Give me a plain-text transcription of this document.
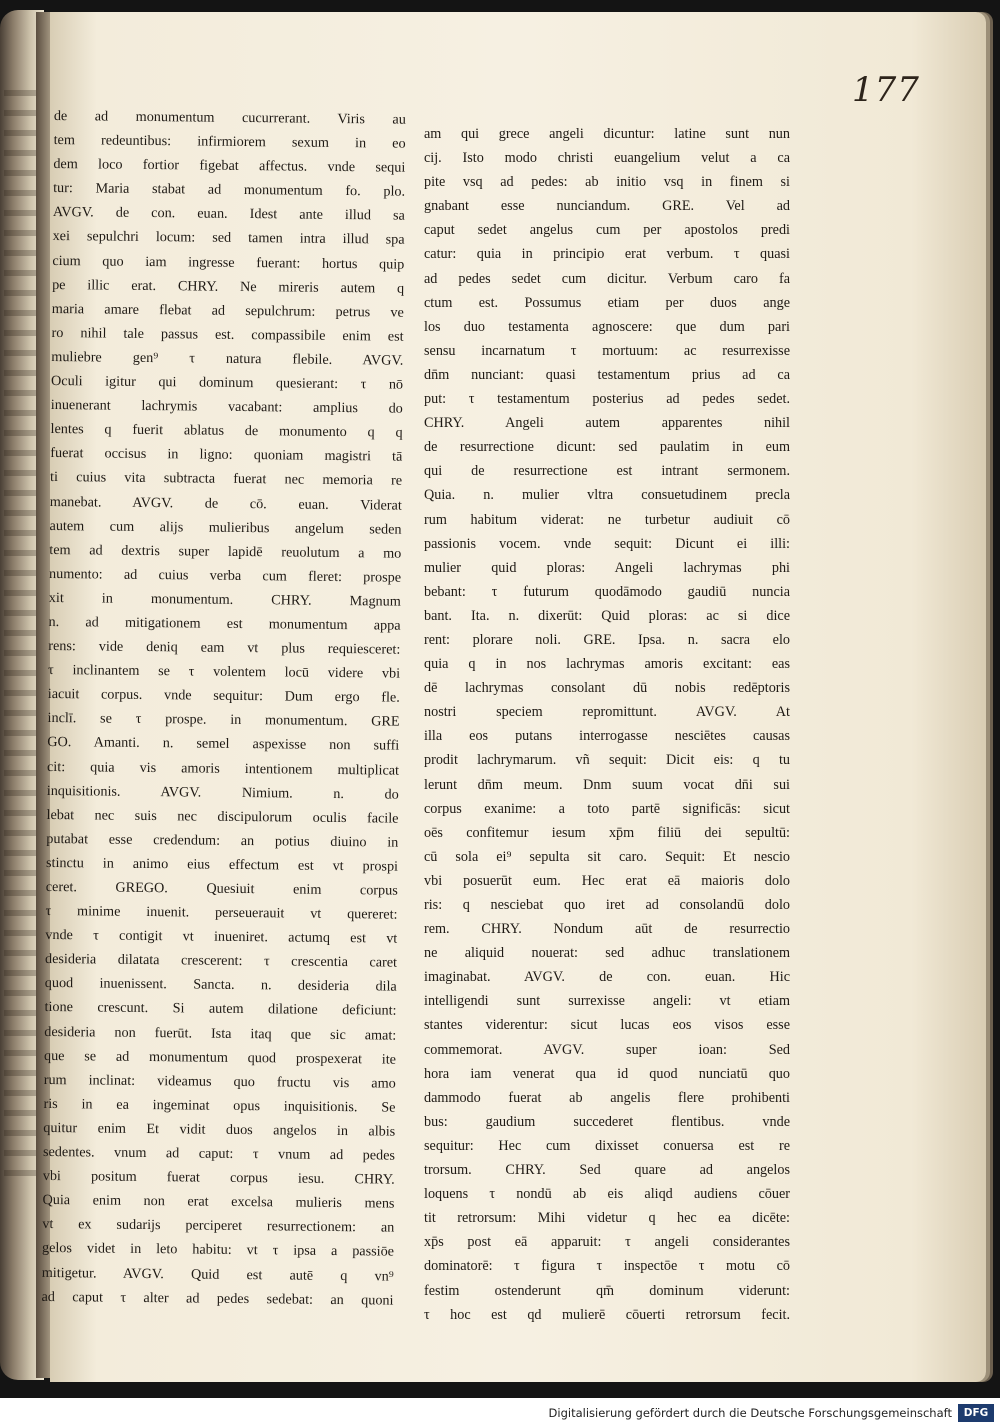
177
de ad monumentum cucurrerant. Viris au
tem redeuntibus: infirmiorem sexum in eo
dem loco fortior figebat affectus. vnde sequi
tur: Maria stabat ad monumentum fo. plo.
AVGV. de con. euan. Idest ante illud sa
xei sepulchri locum: sed tamen intra illud spa
cium quo iam ingresse fuerant: hortus quip
pe illic erat. CHRY. Ne mireris autem q
maria amare flebat ad sepulchrum: petrus ve
ro nihil tale passus est. compassibile enim est
muliebre gen⁹ τ natura flebile. AVGV.
Oculi igitur qui dominum quesierant: τ nō
inuenerant lachrymis vacabant: amplius do
lentes q fuerit ablatus de monumento q q
fuerat occisus in ligno: quoniam magistri tā
ti cuius vita subtracta fuerat nec memoria re
manebat. AVGV. de cō. euan. Viderat
autem cum alijs mulieribus angelum seden
tem ad dextris super lapidē reuolutum a mo
numento: ad cuius verba cum fleret: prospe
xit in monumentum. CHRY. Magnum
n. ad mitigationem est monumentum appa
rens: vide deniq eam vt plus requiesceret:
τ inclinantem se τ volentem locū videre vbi
iacuit corpus. vnde sequitur: Dum ergo fle.
inclī. se τ prospe. in monumentum. GRE
GO. Amanti. n. semel aspexisse non suffi
cit: quia vis amoris intentionem multiplicat
inquisitionis. AVGV. Nimium. n. do
lebat nec suis nec discipulorum oculis facile
putabat esse credendum: an potius diuino in
stinctu in animo eius effectum est vt prospi
ceret. GREGO. Quesiuit enim corpus
τ minime inuenit. perseuerauit vt quereret:
vnde τ contigit vt inueniret. actumq est vt
desideria dilatata crescerent: τ crescentia caret
quod inuenissent. Sancta. n. desideria dila
tione crescunt. Si autem dilatione deficiunt:
desideria non fuerūt. Ista itaq que sic amat:
que se ad monumentum quod prospexerat ite
rum inclinat: videamus quo fructu vis amo
ris in ea ingeminat opus inquisitionis. Se
quitur enim Et vidit duos angelos in albis
sedentes. vnum ad caput: τ vnum ad pedes
vbi positum fuerat corpus iesu. CHRY.
Quia enim non erat excelsa mulieris mens
vt ex sudarijs perciperet resurrectionem: an
gelos videt in leto habitu: vt τ ipsa a passiōe
mitigetur. AVGV. Quid est autē q vn⁹
ad caput τ alter ad pedes sedebat: an quoni
am qui grece angeli dicuntur: latine sunt nun
cij. Isto modo christi euangelium velut a ca
pite vsq ad pedes: ab initio vsq in finem si
gnabant esse nunciandum. GRE. Vel ad
caput sedet angelus cum per apostolos predi
catur: quia in principio erat verbum. τ quasi
ad pedes sedet cum dicitur. Verbum caro fa
ctum est. Possumus etiam per duos ange
los duo testamenta agnoscere: que dum pari
sensu incarnatum τ mortuum: ac resurrexisse
dn̄m nunciant: quasi testamentum prius ad ca
put: τ testamentum posterius ad pedes sedet.
CHRY. Angeli autem apparentes nihil
de resurrectione dicunt: sed paulatim in eum
qui de resurrectione est intrant sermonem.
Quia. n. mulier vltra consuetudinem precla
rum habitum viderat: ne turbetur audiuit cō
passionis vocem. vnde sequit: Dicunt ei illi:
mulier quid ploras: Angeli lachrymas phi
bebant: τ futurum quodāmodo gaudiū nuncia
bant. Ita. n. dixerūt: Quid ploras: ac si dice
rent: plorare noli. GRE. Ipsa. n. sacra elo
quia q in nos lachrymas amoris excitant: eas
dē lachrymas consolant dū nobis redēptoris
nostri speciem repromittunt. AVGV. At
illa eos putans interrogasse nesciētes causas
prodit lachrymarum. vñ sequit: Dicit eis: q tu
lerunt dn̄m meum. Dnm suum vocat dn̄i sui
corpus exanime: a toto partē significās: sicut
oēs confitemur iesum xp̄m filiū dei sepultū:
cū sola ei⁹ sepulta sit caro. Sequit: Et nescio
vbi posuerūt eum. Hec erat eā maioris dolo
ris: q nesciebat quo iret ad consolandū dolo
rem. CHRY. Nondum aūt de resurrectio
ne aliquid nouerat: sed adhuc translationem
imaginabat. AVGV. de con. euan. Hic
intelligendi sunt surrexisse angeli: vt etiam
stantes viderentur: sicut lucas eos visos esse
commemorat. AVGV. super ioan: Sed
hora iam venerat qua id quod nunciatū quo
dammodo fuerat ab angelis flere prohibenti
bus: gaudium succederet flentibus. vnde
sequitur: Hec cum dixisset conuersa est re
trorsum. CHRY. Sed quare ad angelos
loquens τ nondū ab eis aliqd audiens cōuer
tit retrorsum: Mihi videtur q hec ea dicēte:
xp̄s post eā apparuit: τ angeli considerantes
dominatorē: τ figura τ inspectōe τ motu cō
festim ostenderunt qm̄ dominum viderunt:
τ hoc est qd mulierē cōuerti retrorsum fecit.
Digitalisierung gefördert durch die Deutsche Forschungsgemeinschaft	DFG
